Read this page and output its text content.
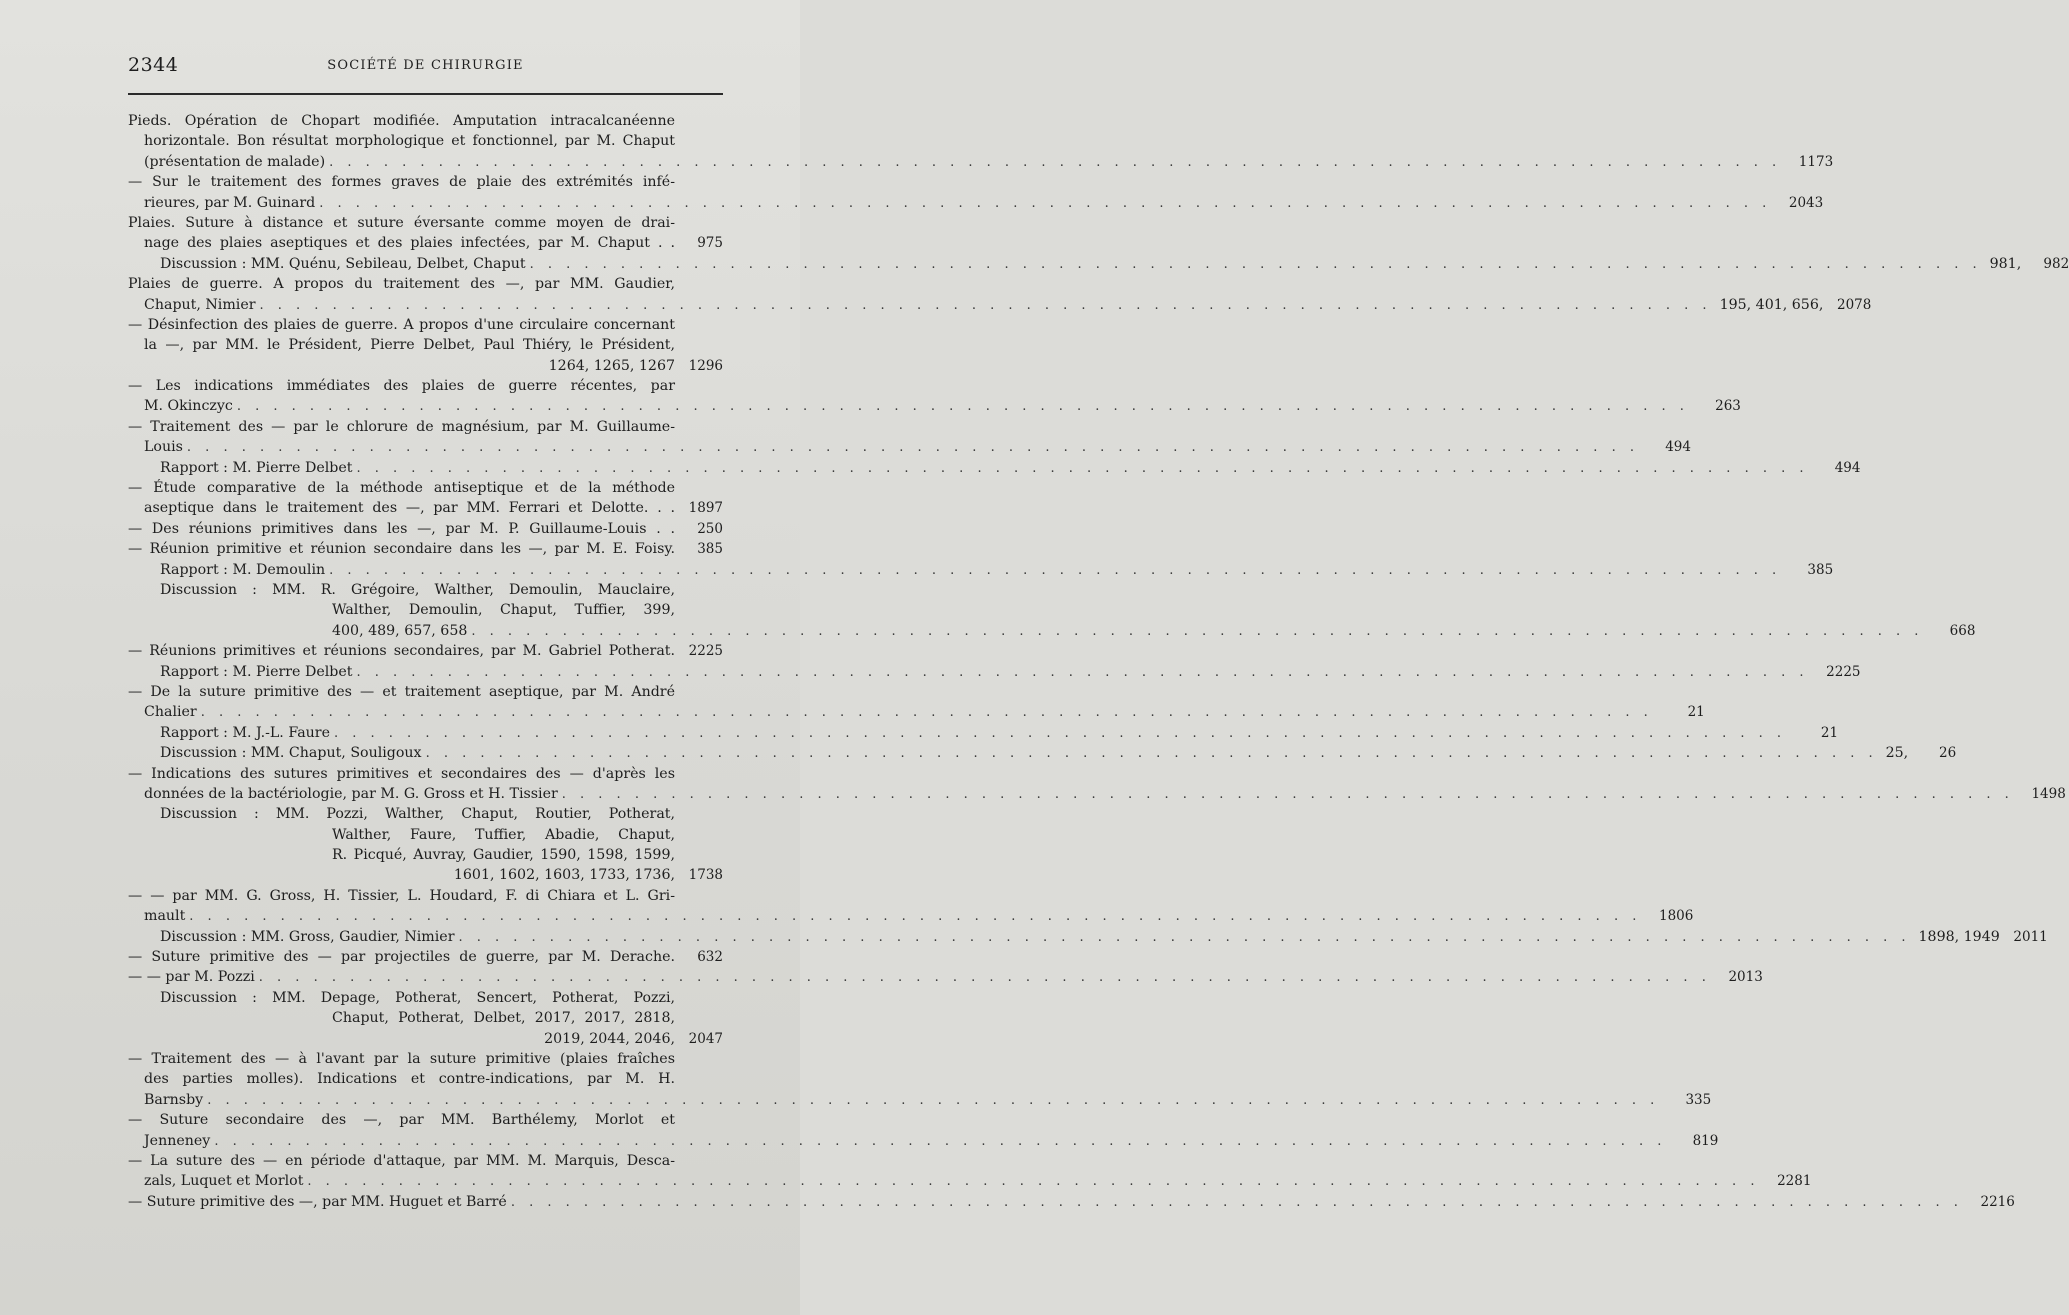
2344	SOCIÉTÉ DE CHIRURGIE
Pieds. Opération de Chopart modifiée. Amputation intracalcanéenne
horizontale. Bon résultat morphologique et fonctionnel, par M. Chaput
(présentation de malade) . . . . . . . . . . . . . . . . . . . . . . . . . . . . . . . . . . . . . . . . . . . . . . . . . . . . . . . . . . . . . . . . . . . . . . . . . . . . . . . .	1173
— Sur le traitement des formes graves de plaie des extrémités infé-
rieures, par M. Guinard . . . . . . . . . . . . . . . . . . . . . . . . . . . . . . . . . . . . . . . . . . . . . . . . . . . . . . . . . . . . . . . . . . . . . . . . . . . . . . . .	2043
Plaies. Suture à distance et suture éversante comme moyen de drai-
nage des plaies aseptiques et des plaies infectées, par M. Chaput . .	975
Discussion : MM. Quénu, Sebileau, Delbet, Chaput . . . . . . . . . . . . . . . . . . . . . . . . . . . . . . . . . . . . . . . . . . . . . . . . . . . . . . . . . . . . . . . . . . . . . . . . . . . . . . . . 981,	982
Plaies de guerre. A propos du traitement des —, par MM. Gaudier,
Chaput, Nimier . . . . . . . . . . . . . . . . . . . . . . . . . . . . . . . . . . . . . . . . . . . . . . . . . . . . . . . . . . . . . . . . . . . . . . . . . . . . . . . . 195, 401, 656,	2078
— Désinfection des plaies de guerre. A propos d'une circulaire concernant
la —, par MM. le Président, Pierre Delbet, Paul Thiéry, le Président,
1264, 1265, 1267	1296
— Les indications immédiates des plaies de guerre récentes, par
M. Okinczyc . . . . . . . . . . . . . . . . . . . . . . . . . . . . . . . . . . . . . . . . . . . . . . . . . . . . . . . . . . . . . . . . . . . . . . . . . . . . . . . .	263
— Traitement des — par le chlorure de magnésium, par M. Guillaume-
Louis . . . . . . . . . . . . . . . . . . . . . . . . . . . . . . . . . . . . . . . . . . . . . . . . . . . . . . . . . . . . . . . . . . . . . . . . . . . . . . . .	494
Rapport : M. Pierre Delbet . . . . . . . . . . . . . . . . . . . . . . . . . . . . . . . . . . . . . . . . . . . . . . . . . . . . . . . . . . . . . . . . . . . . . . . . . . . . . . . .	494
— Étude comparative de la méthode antiseptique et de la méthode
aseptique dans le traitement des —, par MM. Ferrari et Delotte. . .	1897
— Des réunions primitives dans les —, par M. P. Guillaume-Louis . .	250
— Réunion primitive et réunion secondaire dans les —, par M. E. Foisy.	385
Rapport : M. Demoulin . . . . . . . . . . . . . . . . . . . . . . . . . . . . . . . . . . . . . . . . . . . . . . . . . . . . . . . . . . . . . . . . . . . . . . . . . . . . . . . .	385
Discussion : MM. R. Grégoire, Walther, Demoulin, Mauclaire,
Walther, Demoulin, Chaput, Tuffier, 399,
400, 489, 657, 658 . . . . . . . . . . . . . . . . . . . . . . . . . . . . . . . . . . . . . . . . . . . . . . . . . . . . . . . . . . . . . . . . . . . . . . . . . . . . . . . .	668
— Réunions primitives et réunions secondaires, par M. Gabriel Potherat.	2225
Rapport : M. Pierre Delbet . . . . . . . . . . . . . . . . . . . . . . . . . . . . . . . . . . . . . . . . . . . . . . . . . . . . . . . . . . . . . . . . . . . . . . . . . . . . . . . .	2225
— De la suture primitive des — et traitement aseptique, par M. André
Chalier . . . . . . . . . . . . . . . . . . . . . . . . . . . . . . . . . . . . . . . . . . . . . . . . . . . . . . . . . . . . . . . . . . . . . . . . . . . . . . . .	21
Rapport : M. J.-L. Faure . . . . . . . . . . . . . . . . . . . . . . . . . . . . . . . . . . . . . . . . . . . . . . . . . . . . . . . . . . . . . . . . . . . . . . . . . . . . . . . .	21
Discussion : MM. Chaput, Souligoux . . . . . . . . . . . . . . . . . . . . . . . . . . . . . . . . . . . . . . . . . . . . . . . . . . . . . . . . . . . . . . . . . . . . . . . . . . . . . . . . 25,	26
— Indications des sutures primitives et secondaires des — d'après les
données de la bactériologie, par M. G. Gross et H. Tissier . . . . . . . . . . . . . . . . . . . . . . . . . . . . . . . . . . . . . . . . . . . . . . . . . . . . . . . . . . . . . . . . . . . . . . . . . . . . . . . .	1498
Discussion : MM. Pozzi, Walther, Chaput, Routier, Potherat,
Walther, Faure, Tuffier, Abadie, Chaput,
R. Picqué, Auvray, Gaudier, 1590, 1598, 1599,
1601, 1602, 1603, 1733, 1736,	1738
— — par MM. G. Gross, H. Tissier, L. Houdard, F. di Chiara et L. Gri-
mault . . . . . . . . . . . . . . . . . . . . . . . . . . . . . . . . . . . . . . . . . . . . . . . . . . . . . . . . . . . . . . . . . . . . . . . . . . . . . . . .	1806
Discussion : MM. Gross, Gaudier, Nimier . . . . . . . . . . . . . . . . . . . . . . . . . . . . . . . . . . . . . . . . . . . . . . . . . . . . . . . . . . . . . . . . . . . . . . . . . . . . . . . . 1898, 1949	2011
— Suture primitive des — par projectiles de guerre, par M. Derache.	632
— — par M. Pozzi . . . . . . . . . . . . . . . . . . . . . . . . . . . . . . . . . . . . . . . . . . . . . . . . . . . . . . . . . . . . . . . . . . . . . . . . . . . . . . . .	2013
Discussion : MM. Depage, Potherat, Sencert, Potherat, Pozzi,
Chaput, Potherat, Delbet, 2017, 2017, 2818,
2019, 2044, 2046,	2047
— Traitement des — à l'avant par la suture primitive (plaies fraîches
des parties molles). Indications et contre-indications, par M. H.
Barnsby . . . . . . . . . . . . . . . . . . . . . . . . . . . . . . . . . . . . . . . . . . . . . . . . . . . . . . . . . . . . . . . . . . . . . . . . . . . . . . . .	335
— Suture secondaire des —, par MM. Barthélemy, Morlot et
Jenneney . . . . . . . . . . . . . . . . . . . . . . . . . . . . . . . . . . . . . . . . . . . . . . . . . . . . . . . . . . . . . . . . . . . . . . . . . . . . . . . .	819
— La suture des — en période d'attaque, par MM. M. Marquis, Desca-
zals, Luquet et Morlot . . . . . . . . . . . . . . . . . . . . . . . . . . . . . . . . . . . . . . . . . . . . . . . . . . . . . . . . . . . . . . . . . . . . . . . . . . . . . . . .	2281
— Suture primitive des —, par MM. Huguet et Barré . . . . . . . . . . . . . . . . . . . . . . . . . . . . . . . . . . . . . . . . . . . . . . . . . . . . . . . . . . . . . . . . . . . . . . . . . . . . . . . .	2216
